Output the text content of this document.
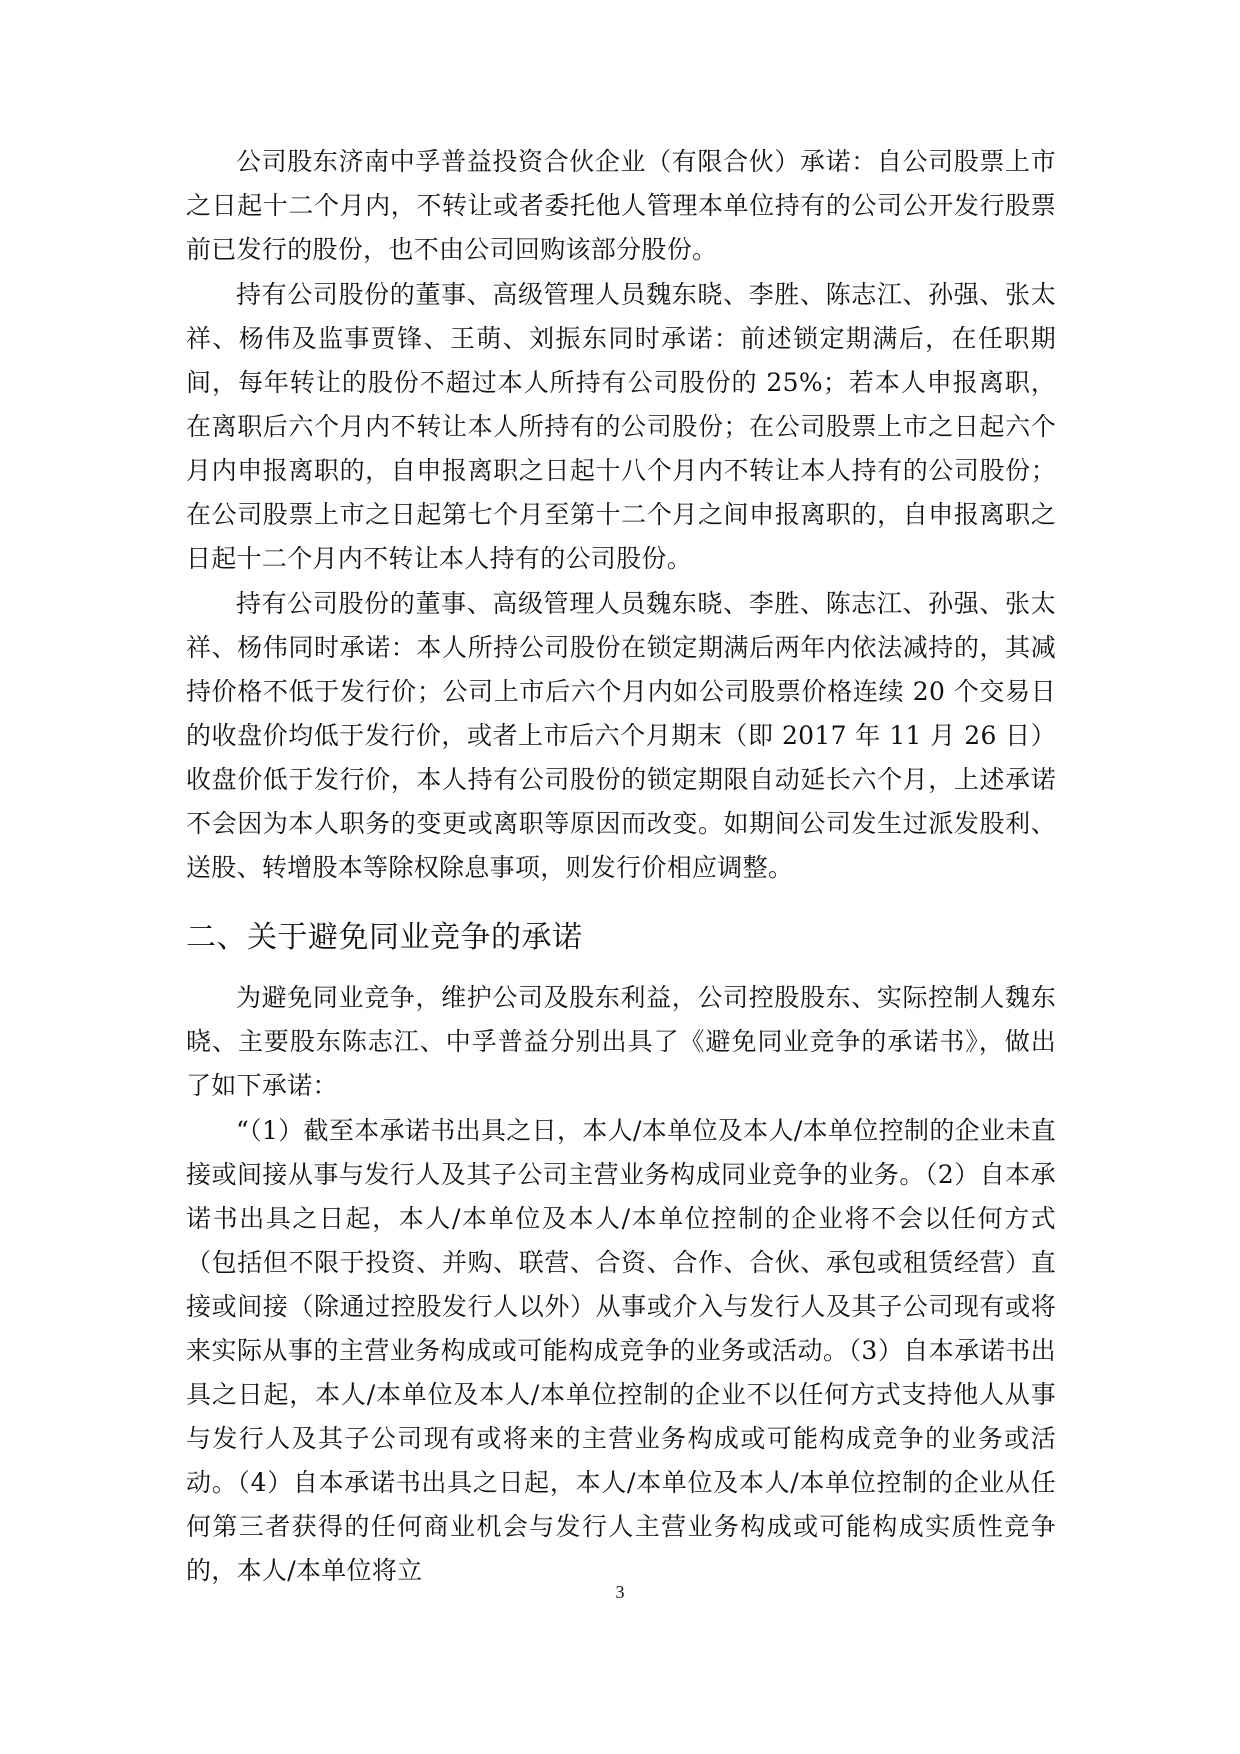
公司股东济南中孚普益投资合伙企业（有限合伙）承诺：自公司股票上市之日起十二个月内，不转让或者委托他人管理本单位持有的公司公开发行股票前已发行的股份，也不由公司回购该部分股份。

持有公司股份的董事、高级管理人员魏东晓、李胜、陈志江、孙强、张太祥、杨伟及监事贾锋、王萌、刘振东同时承诺：前述锁定期满后，在任职期间，每年转让的股份不超过本人所持有公司股份的 25%；若本人申报离职，在离职后六个月内不转让本人所持有的公司股份；在公司股票上市之日起六个月内申报离职的，自申报离职之日起十八个月内不转让本人持有的公司股份；在公司股票上市之日起第七个月至第十二个月之间申报离职的，自申报离职之日起十二个月内不转让本人持有的公司股份。

持有公司股份的董事、高级管理人员魏东晓、李胜、陈志江、孙强、张太祥、杨伟同时承诺：本人所持公司股份在锁定期满后两年内依法减持的，其减持价格不低于发行价；公司上市后六个月内如公司股票价格连续 20 个交易日的收盘价均低于发行价，或者上市后六个月期末（即 2017 年 11 月 26 日）收盘价低于发行价，本人持有公司股份的锁定期限自动延长六个月，上述承诺不会因为本人职务的变更或离职等原因而改变。如期间公司发生过派发股利、送股、转增股本等除权除息事项，则发行价相应调整。

二、关于避免同业竞争的承诺

为避免同业竞争，维护公司及股东利益，公司控股股东、实际控制人魏东晓、主要股东陈志江、中孚普益分别出具了《避免同业竞争的承诺书》，做出了如下承诺：

“（1）截至本承诺书出具之日，本人/本单位及本人/本单位控制的企业未直接或间接从事与发行人及其子公司主营业务构成同业竞争的业务。（2）自本承诺书出具之日起，本人/本单位及本人/本单位控制的企业将不会以任何方式（包括但不限于投资、并购、联营、合资、合作、合伙、承包或租赁经营）直接或间接（除通过控股发行人以外）从事或介入与发行人及其子公司现有或将来实际从事的主营业务构成或可能构成竞争的业务或活动。（3）自本承诺书出具之日起，本人/本单位及本人/本单位控制的企业不以任何方式支持他人从事与发行人及其子公司现有或将来的主营业务构成或可能构成竞争的业务或活动。（4）自本承诺书出具之日起，本人/本单位及本人/本单位控制的企业从任何第三者获得的任何商业机会与发行人主营业务构成或可能构成实质性竞争的，本人/本单位将立

3
